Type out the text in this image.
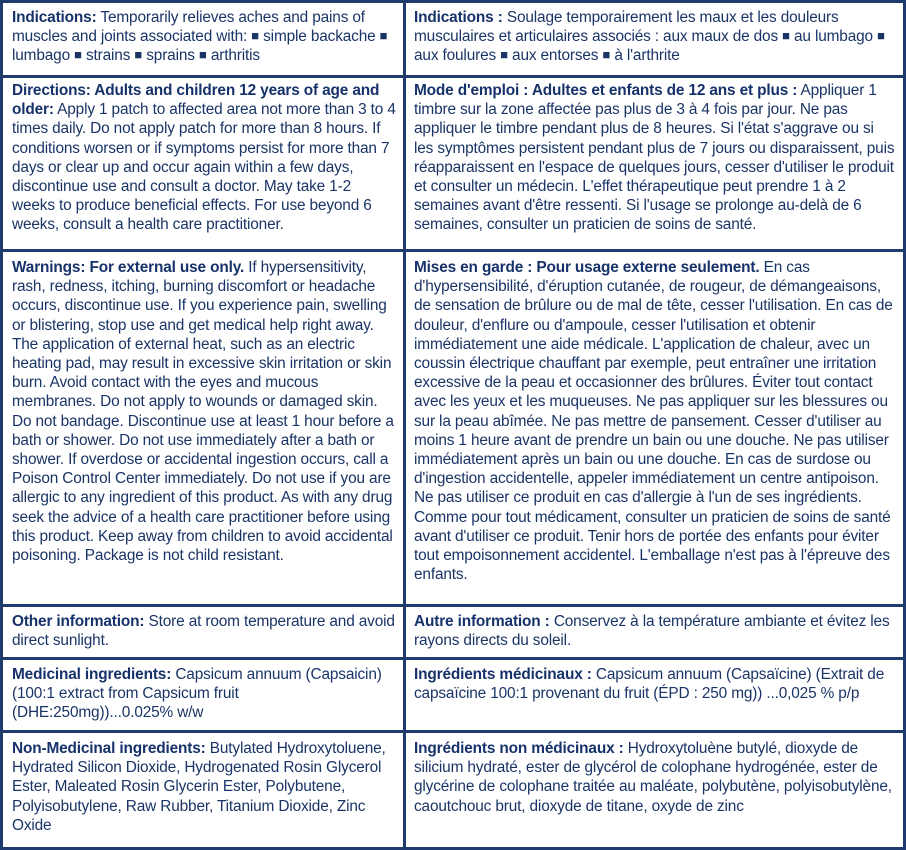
Indications: Temporarily relieves aches and pains of muscles and joints associated with: ■ simple backache ■ lumbago ■ strains ■ sprains ■ arthritis
Indications : Soulage temporairement les maux et les douleurs musculaires et articulaires associés : aux maux de dos ■ au lumbago ■ aux foulures ■ aux entorses ■ à l'arthrite
Directions: Adults and children 12 years of age and older: Apply 1 patch to affected area not more than 3 to 4 times daily. Do not apply patch for more than 8 hours. If conditions worsen or if symptoms persist for more than 7 days or clear up and occur again within a few days, discontinue use and consult a doctor. May take 1-2 weeks to produce beneficial effects. For use beyond 6 weeks, consult a health care practitioner.
Mode d'emploi : Adultes et enfants de 12 ans et plus : Appliquer 1 timbre sur la zone affectée pas plus de 3 à 4 fois par jour. Ne pas appliquer le timbre pendant plus de 8 heures. Si l'état s'aggrave ou si les symptômes persistent pendant plus de 7 jours ou disparaissent, puis réapparaissent en l'espace de quelques jours, cesser d'utiliser le produit et consulter un médecin. L'effet thérapeutique peut prendre 1 à 2 semaines avant d'être ressenti. Si l'usage se prolonge au-delà de 6 semaines, consulter un praticien de soins de santé.
Warnings: For external use only. If hypersensitivity, rash, redness, itching, burning discomfort or headache occurs, discontinue use. If you experience pain, swelling or blistering, stop use and get medical help right away. The application of external heat, such as an electric heating pad, may result in excessive skin irritation or skin burn. Avoid contact with the eyes and mucous membranes. Do not apply to wounds or damaged skin. Do not bandage. Discontinue use at least 1 hour before a bath or shower. Do not use immediately after a bath or shower. If overdose or accidental ingestion occurs, call a Poison Control Center immediately. Do not use if you are allergic to any ingredient of this product. As with any drug seek the advice of a health care practitioner before using this product. Keep away from children to avoid accidental poisoning. Package is not child resistant.
Mises en garde : Pour usage externe seulement. En cas d'hypersensibilité, d'éruption cutanée, de rougeur, de démangeaisons, de sensation de brûlure ou de mal de tête, cesser l'utilisation. En cas de douleur, d'enflure ou d'ampoule, cesser l'utilisation et obtenir immédiatement une aide médicale. L'application de chaleur, avec un coussin électrique chauffant par exemple, peut entraîner une irritation excessive de la peau et occasionner des brûlures. Éviter tout contact avec les yeux et les muqueuses. Ne pas appliquer sur les blessures ou sur la peau abîmée. Ne pas mettre de pansement. Cesser d'utiliser au moins 1 heure avant de prendre un bain ou une douche. Ne pas utiliser immédiatement après un bain ou une douche. En cas de surdose ou d'ingestion accidentelle, appeler immédiatement un centre antipoison. Ne pas utiliser ce produit en cas d'allergie à l'un de ses ingrédients. Comme pour tout médicament, consulter un praticien de soins de santé avant d'utiliser ce produit. Tenir hors de portée des enfants pour éviter tout empoisonnement accidentel. L'emballage n'est pas à l'épreuve des enfants.
Other information: Store at room temperature and avoid direct sunlight.
Autre information : Conservez à la température ambiante et évitez les rayons directs du soleil.
Medicinal ingredients: Capsicum annuum (Capsaicin) (100:1 extract from Capsicum fruit (DHE:250mg))...0.025% w/w
Ingrédients médicinaux : Capsicum annuum (Capsaïcine) (Extrait de capsaïcine 100:1 provenant du fruit (ÉPD : 250 mg)) ...0,025 % p/p
Non-Medicinal ingredients: Butylated Hydroxytoluene, Hydrated Silicon Dioxide, Hydrogenated Rosin Glycerol Ester, Maleated Rosin Glycerin Ester, Polybutene, Polyisobutylene, Raw Rubber, Titanium Dioxide, Zinc Oxide
Ingrédients non médicinaux : Hydroxytoluène butylé, dioxyde de silicium hydraté, ester de glycérol de colophane hydrogénée, ester de glycérine de colophane traitée au maléate, polybutène, polyisobutylène, caoutchouc brut, dioxyde de titane, oxyde de zinc
